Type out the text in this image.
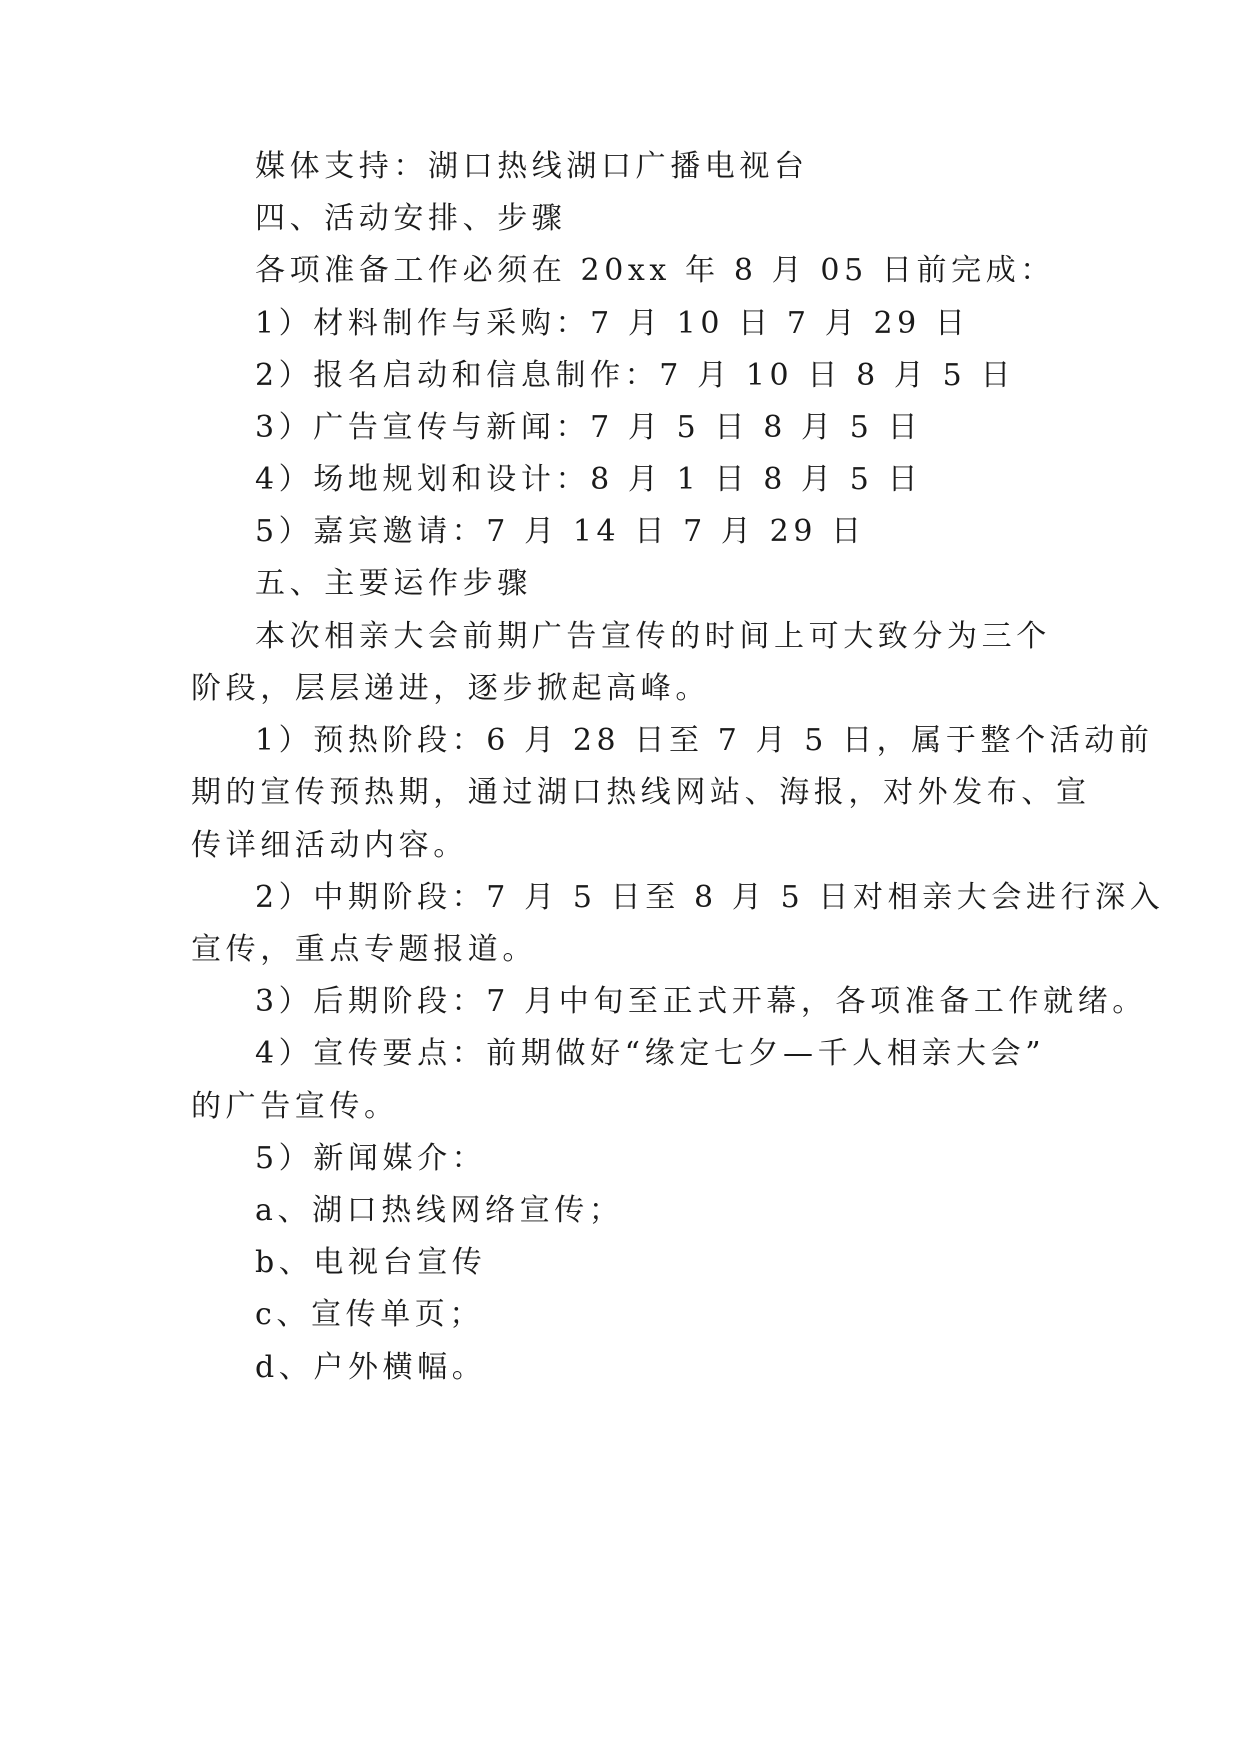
媒体支持：湖口热线湖口广播电视台
四、活动安排、步骤
各项准备工作必须在 20xx 年 8 月 05 日前完成：
1）材料制作与采购：7 月 10 日 7 月 29 日
2）报名启动和信息制作：7 月 10 日 8 月 5 日
3）广告宣传与新闻：7 月 5 日 8 月 5 日
4）场地规划和设计：8 月 1 日 8 月 5 日
5）嘉宾邀请：7 月 14 日 7 月 29 日
五、主要运作步骤
本次相亲大会前期广告宣传的时间上可大致分为三个
阶段，层层递进，逐步掀起高峰。
1）预热阶段：6 月 28 日至 7 月 5 日，属于整个活动前
期的宣传预热期，通过湖口热线网站、海报，对外发布、宣
传详细活动内容。
2）中期阶段：7 月 5 日至 8 月 5 日对相亲大会进行深入
宣传，重点专题报道。
3）后期阶段：7 月中旬至正式开幕，各项准备工作就绪。
4）宣传要点：前期做好“缘定七夕—千人相亲大会”
的广告宣传。
5）新闻媒介：
a、湖口热线网络宣传；
b、电视台宣传
c、宣传单页；
d、户外横幅。
